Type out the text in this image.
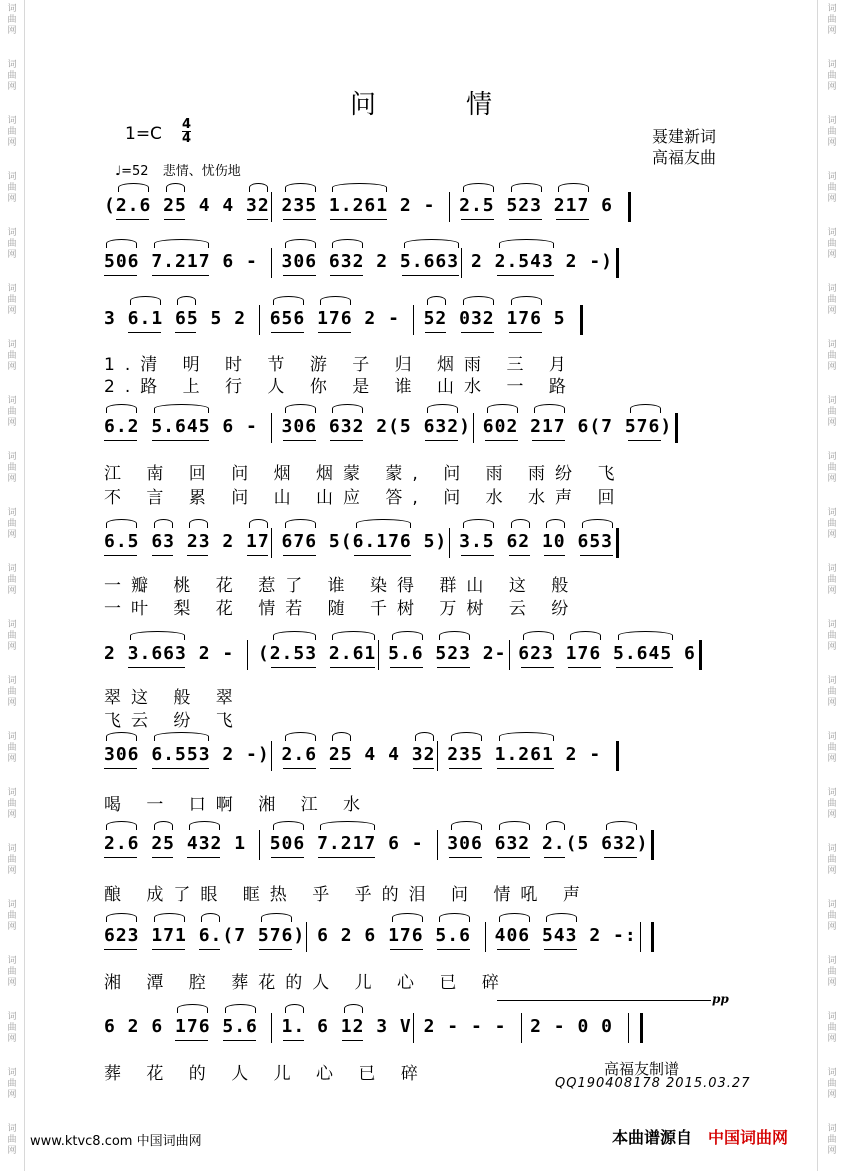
词
曲
网
词
曲
网
词
曲
网
词
曲
网
词
曲
网
词
曲
网
词
曲
网
词
曲
网
词
曲
网
词
曲
网
词
曲
网
词
曲
网
词
曲
网
词
曲
网
词
曲
网
词
曲
网
词
曲
网
词
曲
网
词
曲
网
词
曲
网
词
曲
网
词
曲
网
词
曲
网
词
曲
网
词
曲
网
词
曲
网
词
曲
网
词
曲
网
词
曲
网
词
曲
网
词
曲
网
词
曲
网
词
曲
网
词
曲
网
词
曲
网
词
曲
网
词
曲
网
词
曲
网
词
曲
网
词
曲
网
词
曲
网
词
曲
网
问情
$1=C \frac{4}{4}$
♩=52 悲情、忧伤地
聂建新词
高福友曲
(2.6 25 4 4 32 235 1.261 2 -  2.5 523 217 6
506 7.217 6 -  306 632 2 5.663 2 2.543 2 -)
3 6.1 65 5 2  656 176 2 -  52 032 176 5
1.清 明 时 节 游 子 归 烟雨 三 月
2.路 上 行 人 你 是 谁 山水 一 路
6.2 5.645 6 -  306 632 2(5 632) 602 217 6(7 576)
江 南 回 问 烟 烟蒙 蒙, 问 雨 雨纷 飞
不 言 累 问 山 山应 答, 问 水 水声 回
6.5 63 23 2 17 676 5(6.176 5) 3.5 62 10 653
一瓣 桃 花 惹了 谁 染得 群山 这 般
一叶 梨 花 情若 随 千树 万树 云 纷
2 3.663 2 -  (2.53 2.61 5.6 523 2- 623 176 5.645 6
翠这 般 翠
飞云 纷 飞
306 6.553 2 -) 2.6 25 4 4 32 235 1.261 2 -
喝 一 口啊 湘 江 水
2.6 25 432 1  506 7.217 6 -  306 632 2.(5 632)
酿 成了眼 眶热 乎 乎的泪 问 情吼 声
623 171 6.(7 576) 6 2 6 176 5.6  406 543 2 -:
湘 潭 腔 葬花的人 儿 心 已 碎
6 2 6 176 5.6  1. 6 12 3 V 2 - - -  2 - 0 0
葬 花 的 人 儿 心 已 碎
pp
高福友制谱
QQ190408178 2015.03.27
www.ktvc8.com 中国词曲网	本曲谱源自 中国词曲网
